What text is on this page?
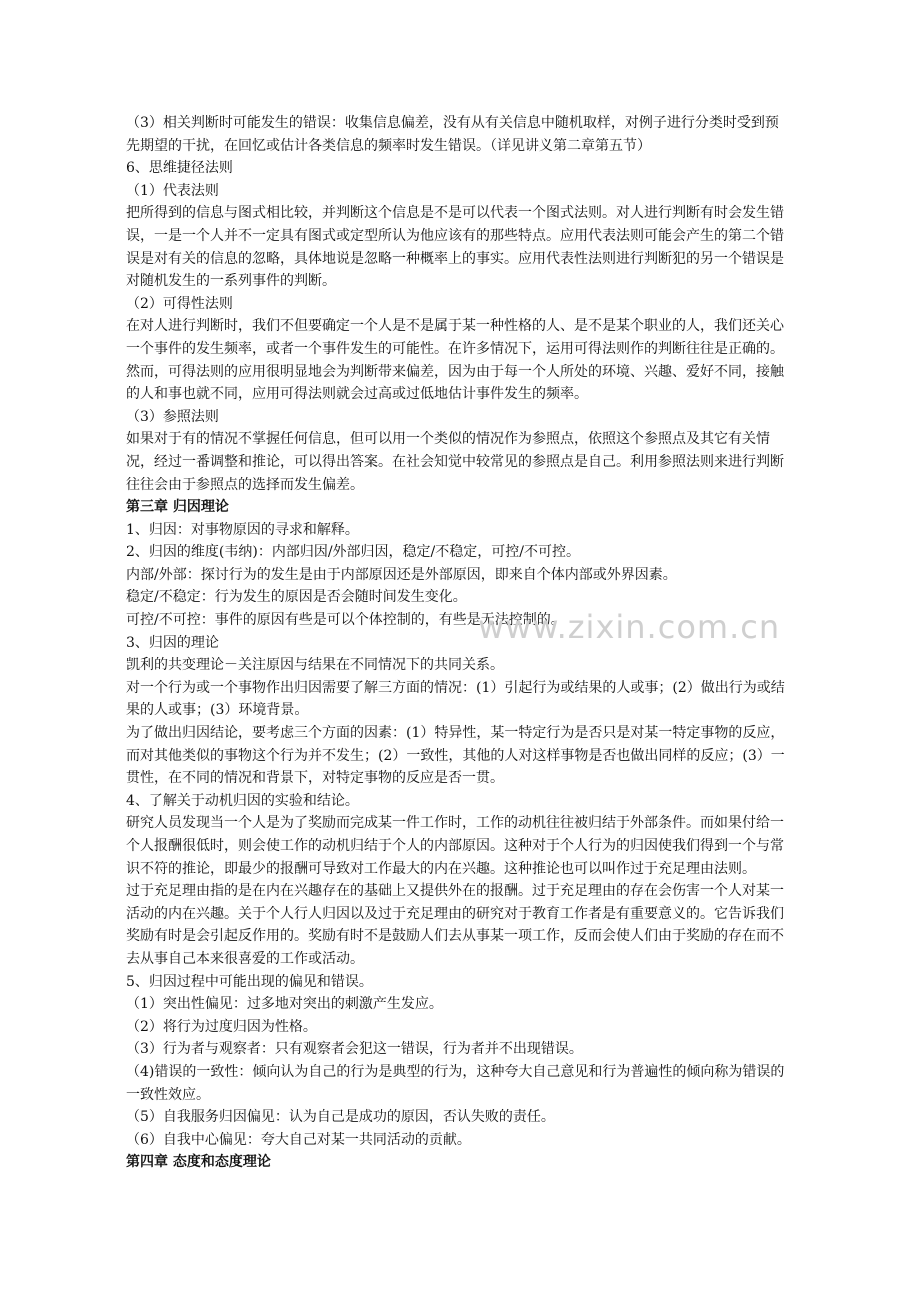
（3）相关判断时可能发生的错误：收集信息偏差，没有从有关信息中随机取样，对例子进行分类时受到预先期望的干扰，在回忆或估计各类信息的频率时发生错误。（详见讲义第二章第五节）

6、思维捷径法则

（1）代表法则

把所得到的信息与图式相比较，并判断这个信息是不是可以代表一个图式法则。对人进行判断有时会发生错误，一是一个人并不一定具有图式或定型所认为他应该有的那些特点。应用代表法则可能会产生的第二个错误是对有关的信息的忽略，具体地说是忽略一种概率上的事实。应用代表性法则进行判断犯的另一个错误是对随机发生的一系列事件的判断。

（2）可得性法则

在对人进行判断时，我们不但要确定一个人是不是属于某一种性格的人、是不是某个职业的人，我们还关心一个事件的发生频率，或者一个事件发生的可能性。在许多情况下，运用可得法则作的判断往往是正确的。然而，可得法则的应用很明显地会为判断带来偏差，因为由于每一个人所处的环境、兴趣、爱好不同，接触的人和事也就不同，应用可得法则就会过高或过低地估计事件发生的频率。

（3）参照法则

如果对于有的情况不掌握任何信息，但可以用一个类似的情况作为参照点，依照这个参照点及其它有关情况，经过一番调整和推论，可以得出答案。在社会知觉中较常见的参照点是自己。利用参照法则来进行判断往往会由于参照点的选择而发生偏差。

第三章 归因理论

1、归因：对事物原因的寻求和解释。

2、归因的维度(韦纳)：内部归因/外部归因，稳定/不稳定，可控/不可控。

内部/外部：探讨行为的发生是由于内部原因还是外部原因，即来自个体内部或外界因素。

稳定/不稳定：行为发生的原因是否会随时间发生变化。

可控/不可控：事件的原因有些是可以个体控制的，有些是无法控制的。

3、归因的理论

凯利的共变理论－关注原因与结果在不同情况下的共同关系。

对一个行为或一个事物作出归因需要了解三方面的情况：(1）引起行为或结果的人或事；(2）做出行为或结果的人或事；(3）环境背景。

为了做出归因结论，要考虑三个方面的因素：(1）特异性，某一特定行为是否只是对某一特定事物的反应，而对其他类似的事物这个行为并不发生；(2）一致性，其他的人对这样事物是否也做出同样的反应；(3）一贯性，在不同的情况和背景下，对特定事物的反应是否一贯。

4、了解关于动机归因的实验和结论。

研究人员发现当一个人是为了奖励而完成某一件工作时，工作的动机往往被归结于外部条件。而如果付给一个人报酬很低时，则会使工作的动机归结于个人的内部原因。这种对于个人行为的归因使我们得到一个与常识不符的推论，即最少的报酬可导致对工作最大的内在兴趣。这种推论也可以叫作过于充足理由法则。

过于充足理由指的是在内在兴趣存在的基础上又提供外在的报酬。过于充足理由的存在会伤害一个人对某一活动的内在兴趣。关于个人行人归因以及过于充足理由的研究对于教育工作者是有重要意义的。它告诉我们奖励有时是会引起反作用的。奖励有时不是鼓励人们去从事某一项工作，反而会使人们由于奖励的存在而不去从事自己本来很喜爱的工作或活动。

5、归因过程中可能出现的偏见和错误。

（1）突出性偏见：过多地对突出的刺激产生发应。

（2）将行为过度归因为性格。

（3）行为者与观察者：只有观察者会犯这一错误，行为者并不出现错误。

（4)错误的一致性：倾向认为自己的行为是典型的行为，这种夸大自己意见和行为普遍性的倾向称为错误的一致性效应。

（5）自我服务归因偏见：认为自己是成功的原因，否认失败的责任。

（6）自我中心偏见：夸大自己对某一共同活动的贡献。

第四章 态度和态度理论

www.zixin.com.cn
